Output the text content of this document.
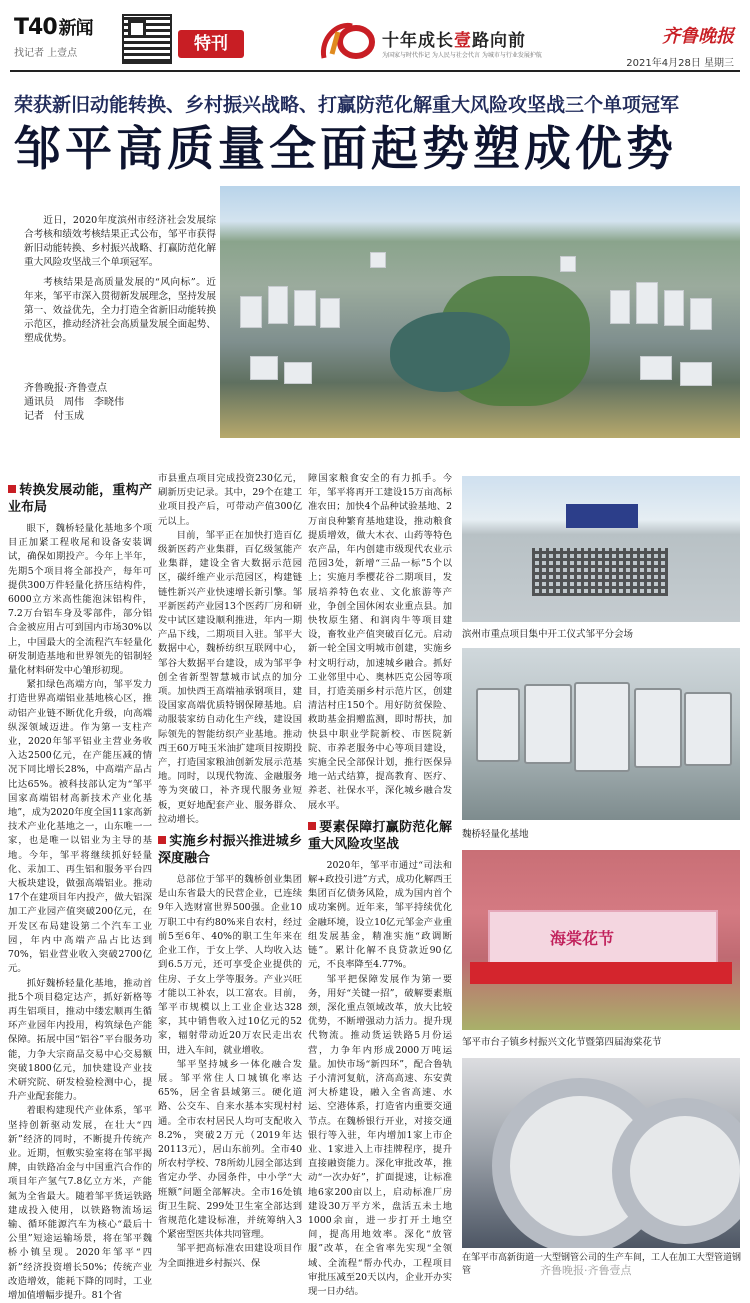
T40 新闻
找记者 上壹点	特刊	十年成长壹路向前
为国家与时代作记 为人民与社会代言 为城市与行业发展护航
齐鲁晚报
2021年4月28日 星期三
荣获新旧动能转换、乡村振兴战略、打赢防范化解重大风险攻坚战三个单项冠军
邹平高质量全面起势塑成优势

近日，2020年度滨州市经济社会发展综合考核和绩效考核结果正式公布，邹平市获得新旧动能转换、乡村振兴战略、打赢防范化解重大风险攻坚战三个单项冠军。

考核结果是高质量发展的“风向标”。近年来，邹平市深入贯彻新发展理念，坚持发展第一、效益优先，全力打造全省新旧动能转换示范区，推动经济社会高质量发展全面起势、塑成优势。

齐鲁晚报·齐鲁壹点
通讯员　周伟　李晓伟
记者　付玉成
转换发展动能，重构产业布局

眼下，魏桥轻量化基地多个项目正加紧工程收尾和设备安装调试，确保如期投产。今年上半年，先期5个项目将全部投产，每年可提供300万件轻量化挤压结构件，6000立方米高性能泡沫铝构件，7.2万台铝车身及零部件，部分铝合金被应用占可到国内市场30%以上，中国最大的全流程汽车轻量化研发制造基地和世界领先的铝制轻量化材料研发中心雏形初现。

紧扣绿色高端方向，邹平发力打造世界高端铝业基地核心区，推动铝产业链不断优化升级，向高端纵深领域迈进。作为第一支柱产业，2020年邹平铝业主营业务收入达2500亿元，在产能压减的情况下同比增长28%，中高端产品占比达65%。被科技部认定为“邹平国家高端铝材高新技术产业化基地”，成为2020年度全国11家高新技术产业化基地之一，山东唯一一家，也是唯一以铝业为主导的基地。今年，邹平将继续抓好轻量化、汞加工、再生铝和服务平台四大板块建设，做强高端铝业。推动17个在建项目年内投产，做大铝深加工产业园产值突破200亿元，在开发区布局建设第二个汽车工业园，年内中高端产品占比达到70%，铝业营业收入突破2700亿元。

抓好魏桥轻量化基地，推动首批5个项目稳定达产，抓好新格等再生铝项目，推动中缕宏顺再生循环产业园年内投用，构筑绿色产能保障。拓展中国“铝谷”平台服务功能，力争大宗商品交易中心交易额突破1800亿元，加快建设产业技术研究院、研发检验检测中心，提升产业配套能力。

着眼构建现代产业体系，邹平坚持创新驱动发展，在壮大“四新”经济的同时，不断提升传统产业。近期，恒敷实验室将在邹平揭牌，由铁路冶金与中国重汽合作的项目年产氢气7.8亿立方米，产能氮为全省最大。随着邹平货运铁路建成投入使用，以铁路物流场运输、循环能源汽车为核心“最后十公里”短途运输场景，将在邹平魏桥小镇呈现。2020年邹平“四新”经济投资增长50%；传统产业改造增效，能耗下降的同时，工业增加值增幅步提升。81个省

市县重点项目完成投资230亿元，刷新历史记录。其中，29个在建工业项目投产后，可带动产值300亿元以上。

目前，邹平正在加快打造百亿级新医药产业集群，百亿级氢能产业集群，建设全省大数据示范园区，碳纤维产业示范园区，构建链链性新兴产业快速增长新引擎。邹平新医药产业园13个医药厂房和研发中试区建设顺利推进，年内一期产品下线，二期项目入驻。邹平大数据中心，魏桥纺织互联网中心，邹谷大数据平台建设，成为邹平争创全省新型智慧城市试点的加分项。加快西王高端袖承钢项目，建设国家高端优质特钢保障基地。启动服装家纺自动化生产线，建设国际领先的智能纺织产业基地。推动西王60万吨玉米油扩建项目按期投产，打造国家粮油创新发展示范基地。同时，以现代物流、金融服务等为突破口，补齐现代服务业短板，更好地配套产业、服务群众、拉动增长。

实施乡村振兴推进城乡深度融合

总部位于邹平的魏桥创业集团是山东省最大的民营企业，已连续9年入选财富世界500强。企业10万职工中有约80%来自农村，经过前5至6年、40%的职工生年来在企业工作，于女上学、人均收入达到6.5万元，还可享受企业提供的住房、子女上学等服务。产业兴旺才能以工补农，以工富农。目前，邹平市规模以上工业企业达328家，其中销售收入过10亿元的52家，辐射带动近20万农民走出农田，进入车间，就业增收。

邹平坚持城乡一体化融合发展。邹平常住人口城镇化率达65%，居全省县域第三。硬化道路、公交车、自来水基本实现村村通。全市农村居民人均可支配收入8.2%，突破2万元（2019年达20113元），居山东前列。全市40所农村学校、78所幼儿园全部达到省定办学、办园条件，中小学“大班额”问题全部解决。全市16处镇街卫生院、299处卫生室全部达到省规范化建设标准，并统筹纳入3个紧密型医共体共同管理。

邹平把高标准农田建设项目作为全面推进乡村振兴、保

障国家粮食安全的有力抓手。今年，邹平将再开工建设15万亩高标准农田；加快4个品种试验基地、2万亩良种繁育基地建设，推动粮食提质增效，做大木衣、山药等特色农产品，年内创建市级现代农业示范园3处，新增“三品一标”5个以上；实施月季樱花谷二期项目，发展培养特色农业、文化旅游等产业，争创全国休闲农业重点县。加快牧原生猪、和润肉牛等项目建设，畜牧业产值突破百亿元。启动新一轮全国文明城市创建，实施乡村文明行动，加速城乡融合。抓好工业邻里中心、奥林匹克公园等项目，打造美丽乡村示范片区，创建清洁村庄150个。用好防贫保险、救助基金捐赠监测，即时帮扶，加快县中职业学院新校、市医院新院、市养老服务中心等项目建设，实施全民全部保计划，推行医保异地一站式结算，提高教育、医疗、养老、社保水平，深化城乡融合发展水平。

要素保障打赢防范化解重大风险攻坚战

2020年，邹平市通过“司法和解+政投引进”方式，成功化解西王集团百亿债务风险，成为国内首个成功案例。近年来，邹平持续优化金融环境，设立10亿元邹金产业重组发展基金，精准实施“政调断链”。累计化解不良贷款近90亿元，不良率降至4.77%。

邹平把保障发展作为第一要务，用好“关键一招”，破解要素瓶颈，深化重点领域改革，放大比较优势，不断增强动力活力。提升现代物流。推动货运铁路5月份运营，力争年内形成2000万吨运量。加快市场“新四环”，配合鲁轨子小清河复航，济高高速、东安黄河大桥建设，融入全省高速、水运、空港体系，打造省内重要交通节点。在魏桥银行开业，对接交通银行等入驻，年内增加1家上市企业、1家进入上市挂牌程序，提升直接融资能力。深化审批改革，推动“一次办好”，扩面提速，让标准地6家200亩以上，启动标准厂房建设30万平方米，盘活五未土地1000余亩，进一步打开土地空间，提高用地效率。深化“放管服”改革，在全省率先实现“全领域、全流程“帮办代办，工程项目审批压减至20天以内，企业开办实现一日办结。

滨州市重点项目集中开工仪式邹平分会场
魏桥轻量化基地
海棠花节
邹平市台子镇乡村振兴文化节暨第四届海棠花节
在邹平市高新街道一大型钢管公司的生产车间，工人在加工大型管道钢管	齐鲁晚报·齐鲁壹点
